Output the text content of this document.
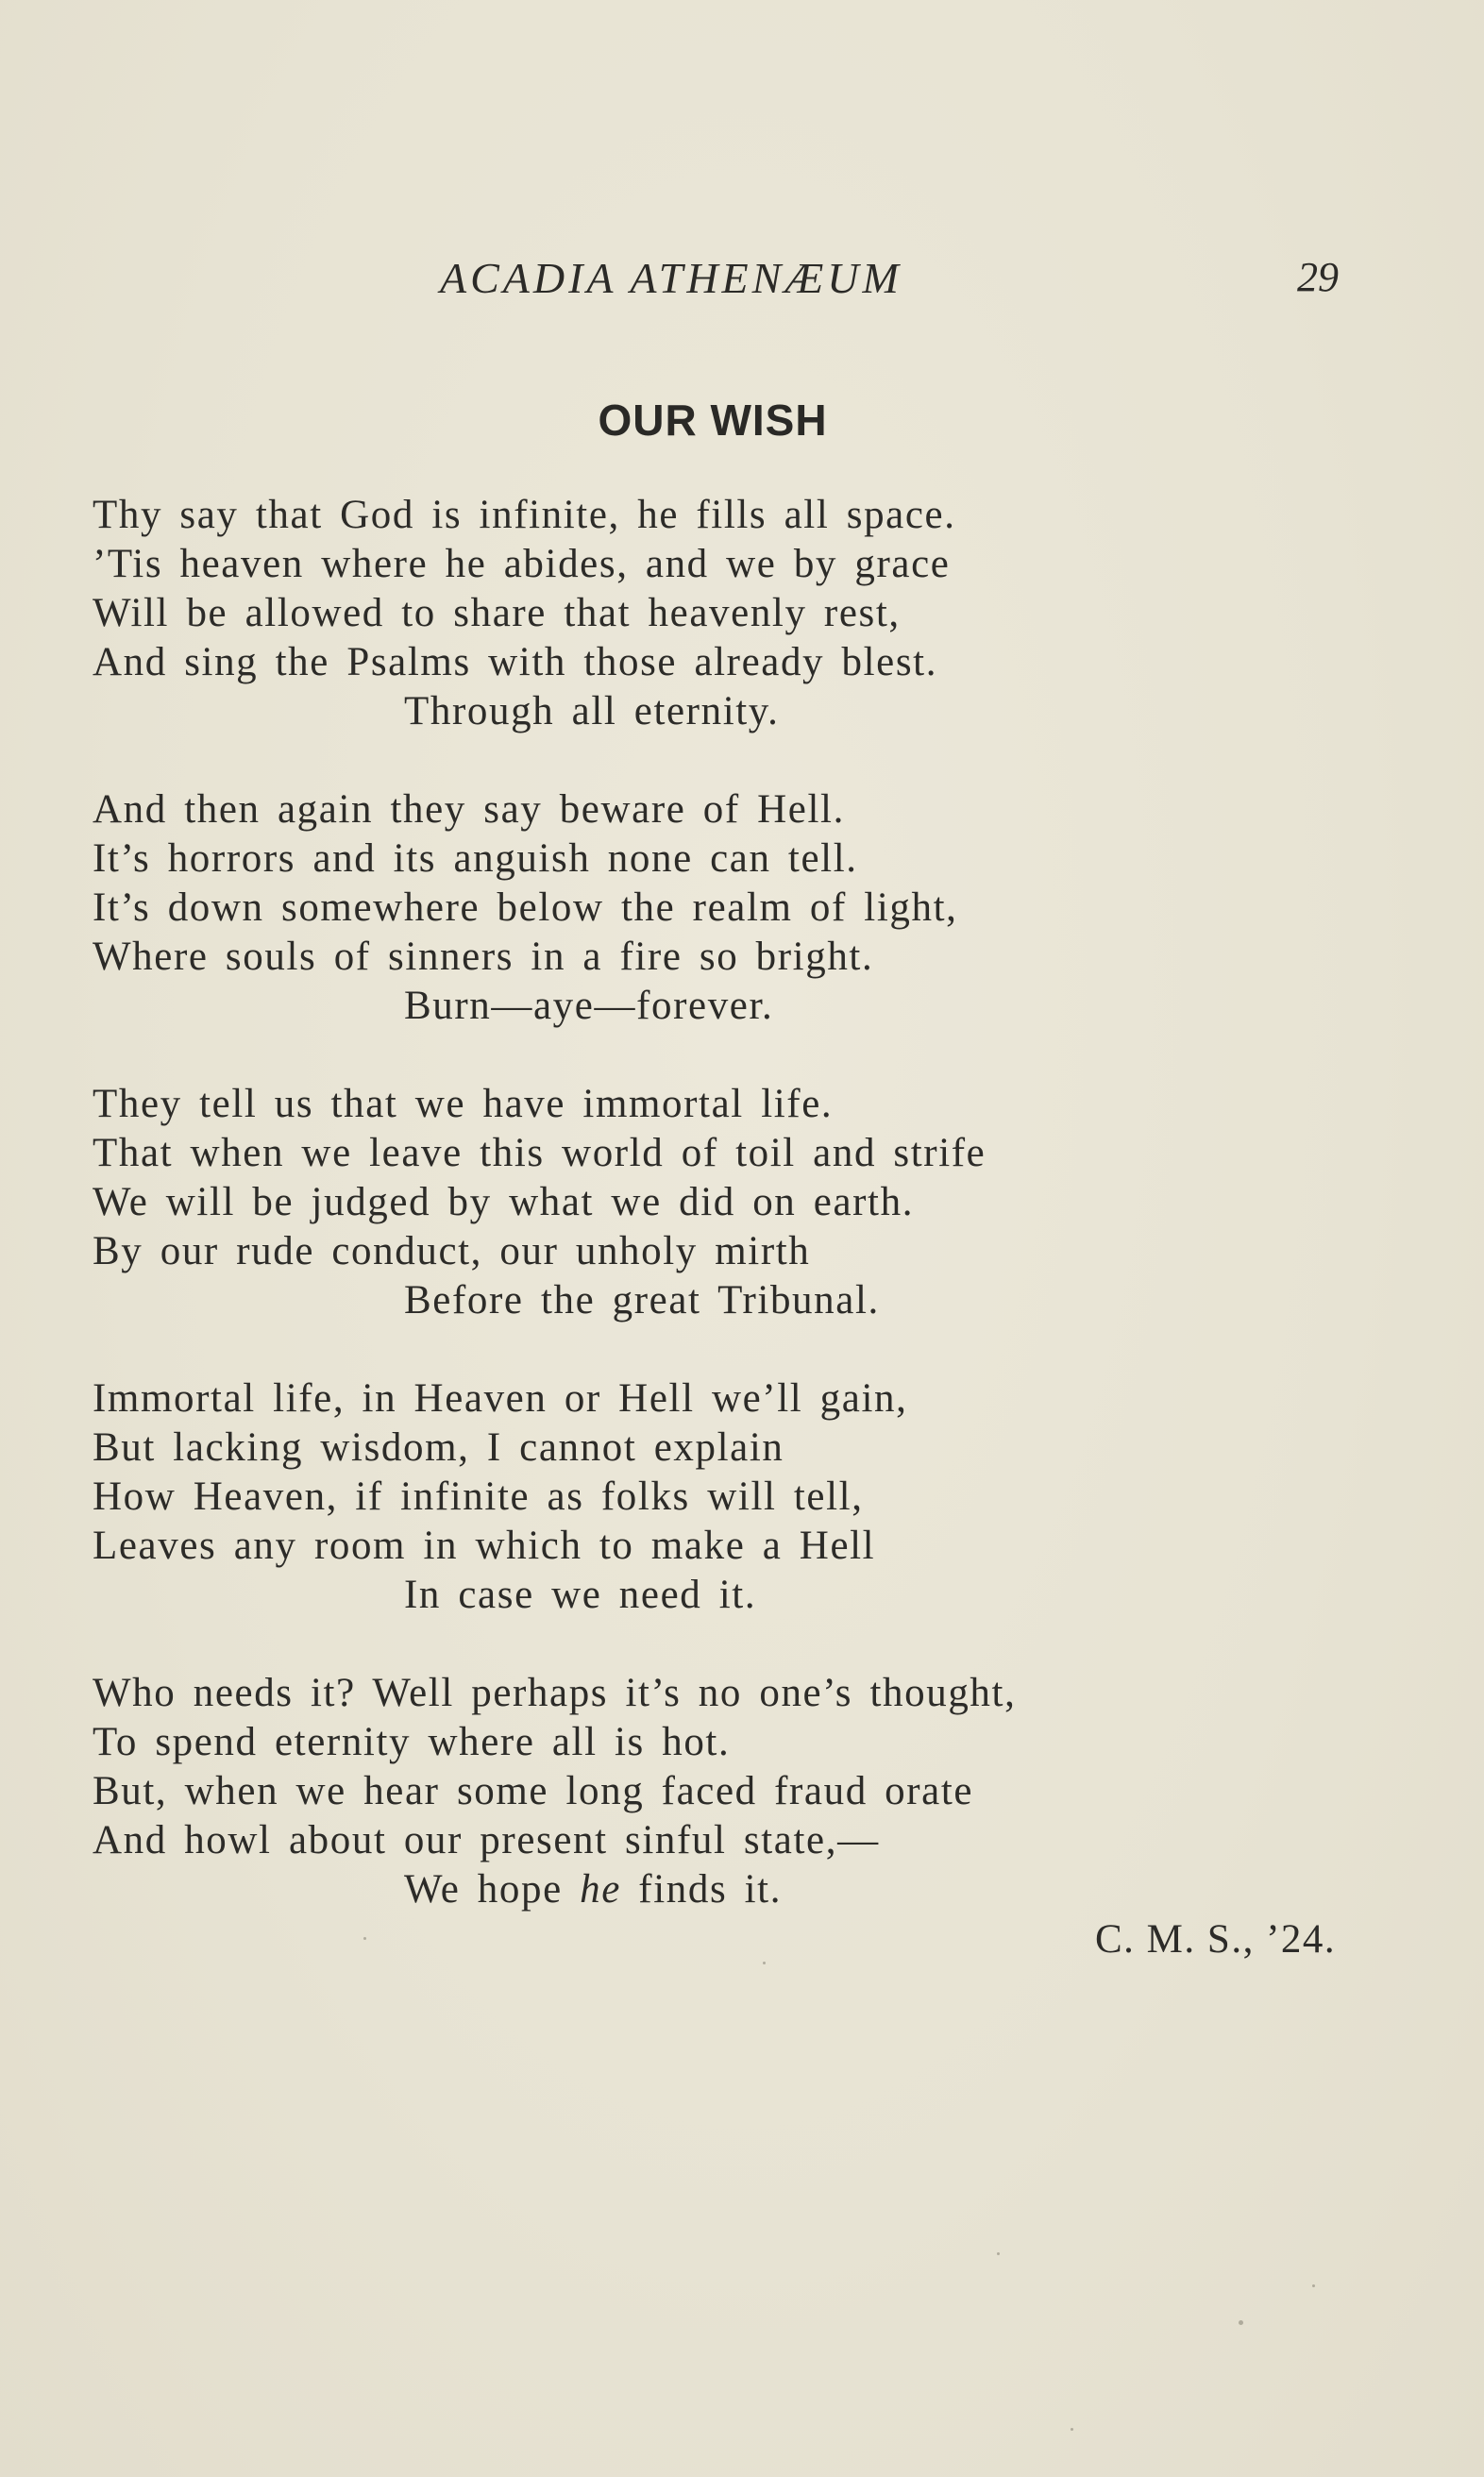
ACADIA ATHENÆUM	29
OUR WISH
Thy say that God is infinite, he fills all space.
’Tis heaven where he abides, and we by grace
Will be allowed to share that heavenly rest,
And sing the Psalms with those already blest.
Through all eternity.
And then again they say beware of Hell.
It’s horrors and its anguish none can tell.
It’s down somewhere below the realm of light,
Where souls of sinners in a fire so bright.
Burn—aye—forever.
They tell us that we have immortal life.
That when we leave this world of toil and strife
We will be judged by what we did on earth.
By our rude conduct, our unholy mirth
Before the great Tribunal.
Immortal life, in Heaven or Hell we’ll gain,
But lacking wisdom, I cannot explain
How Heaven, if infinite as folks will tell,
Leaves any room in which to make a Hell
In case we need it.
Who needs it? Well perhaps it’s no one’s thought,
To spend eternity where all is hot.
But, when we hear some long faced fraud orate
And howl about our present sinful state,—
We hope he finds it.
C. M. S., ’24.
